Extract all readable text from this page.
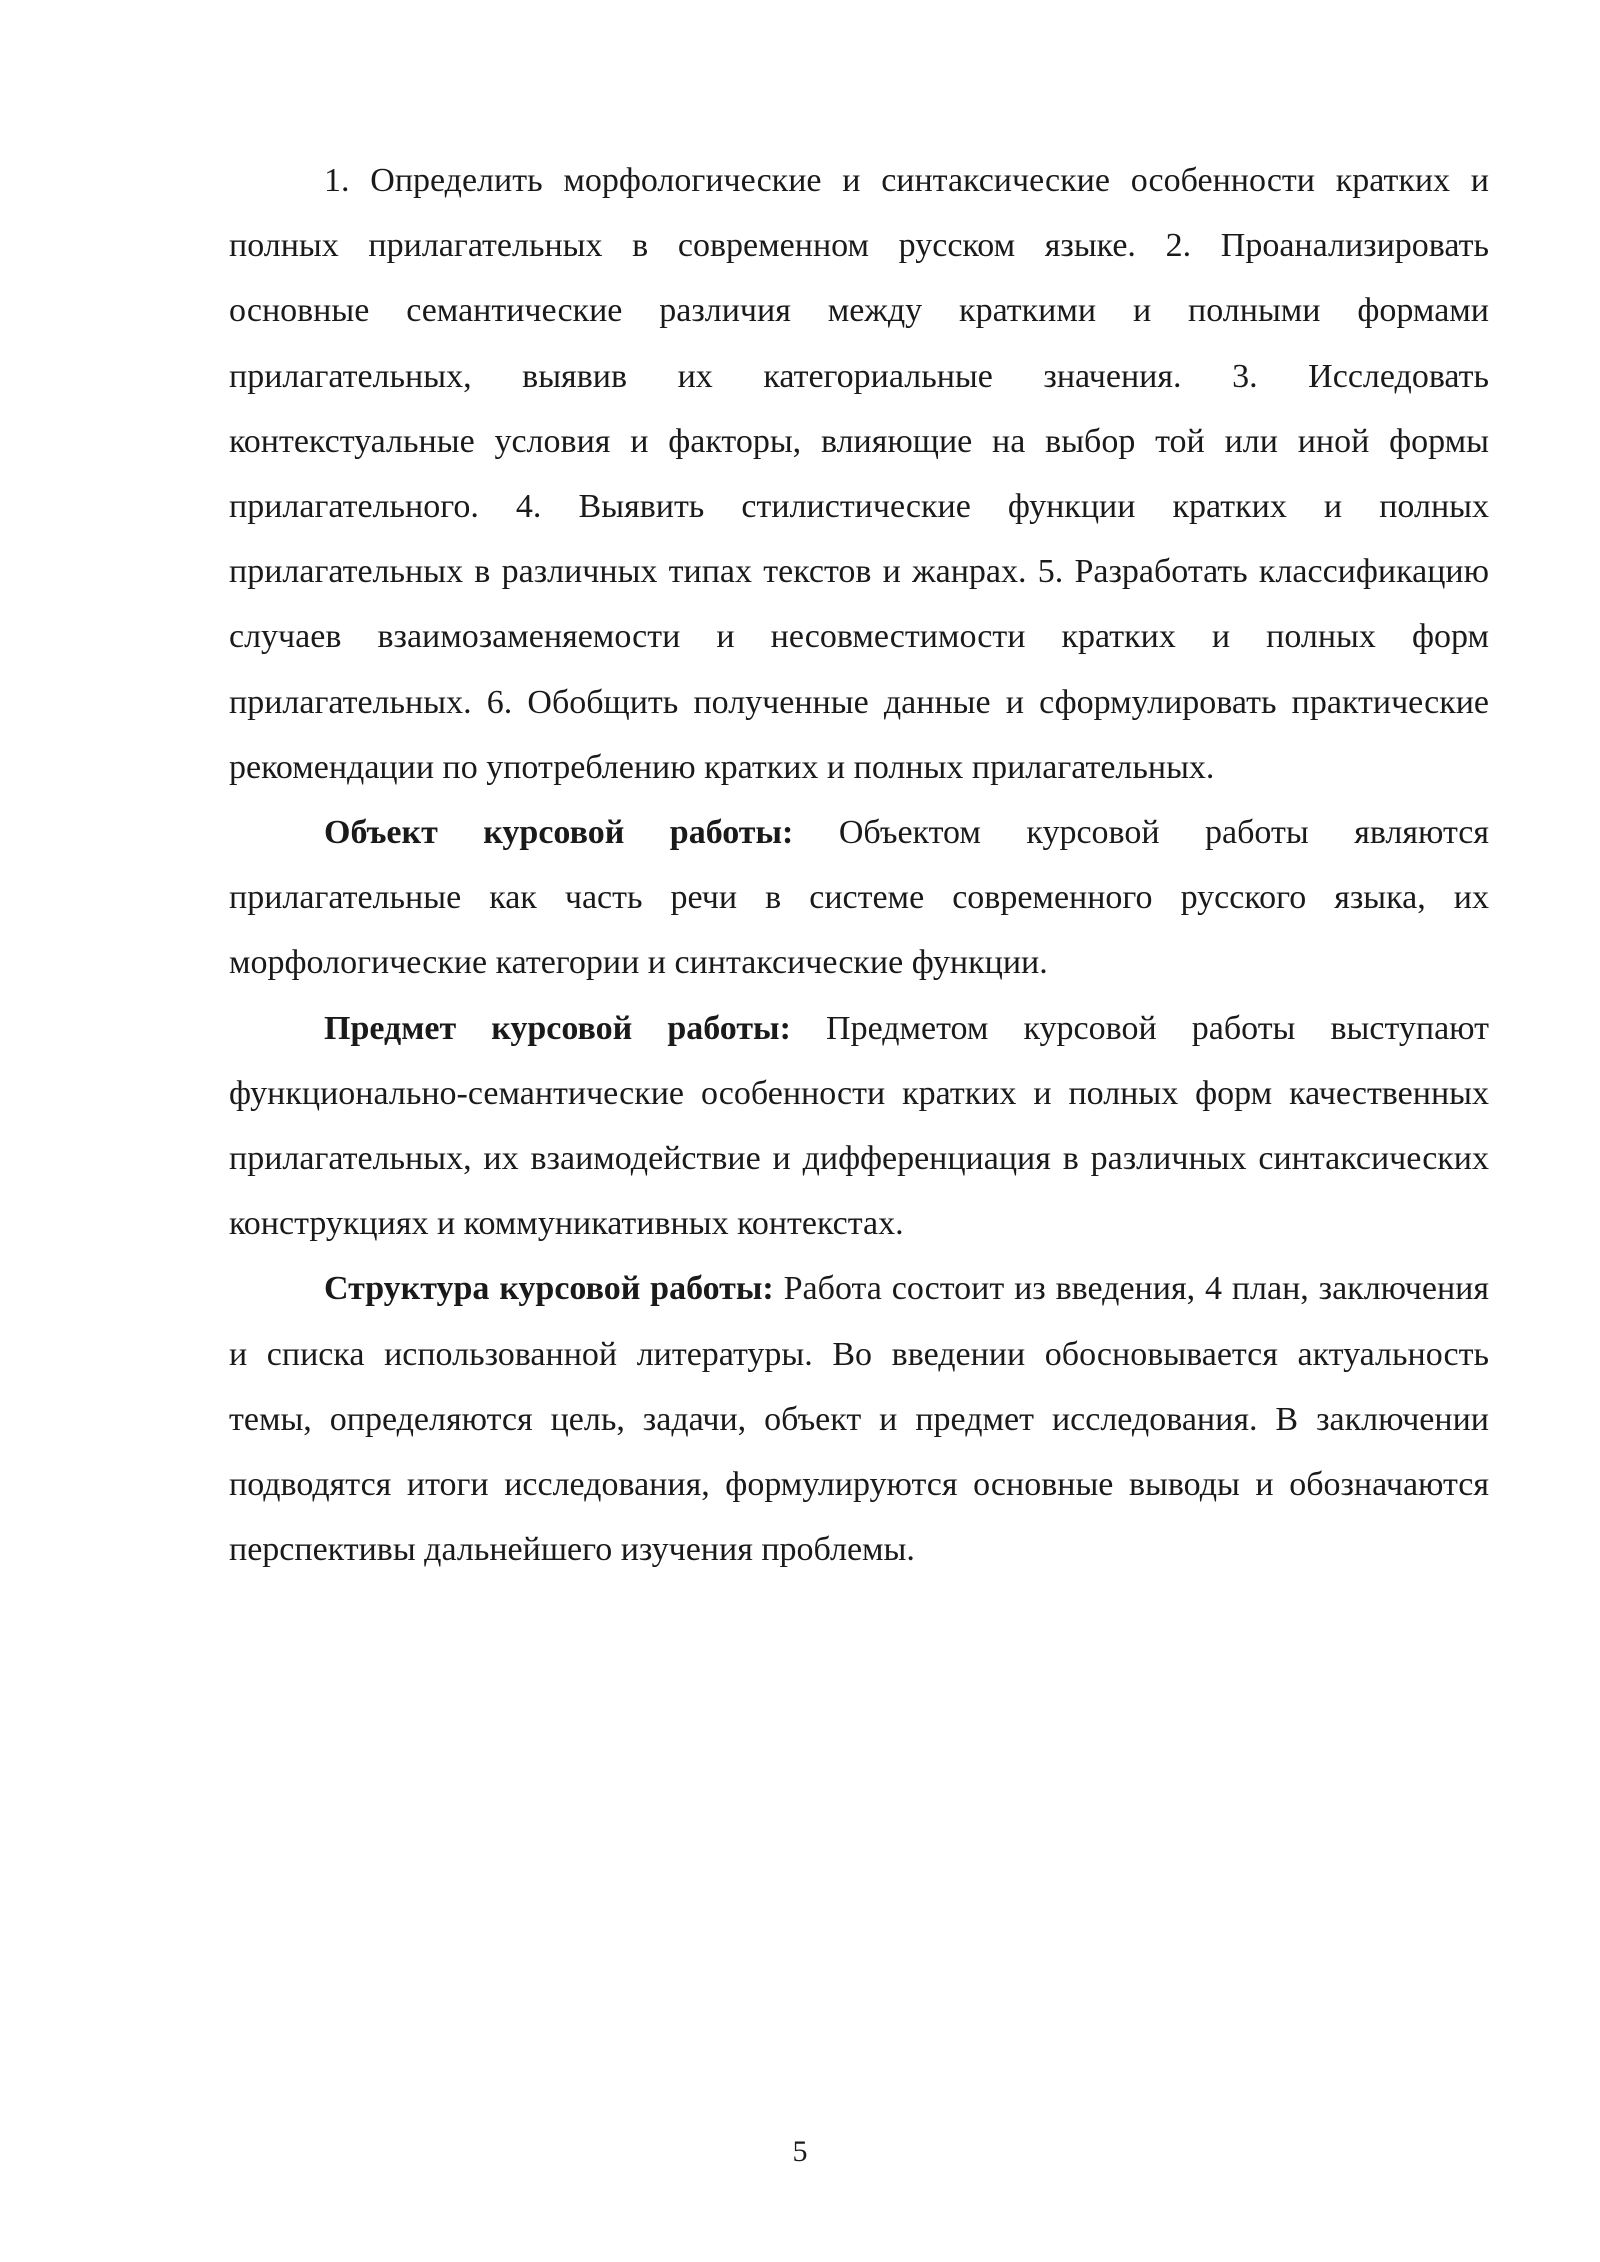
1. Определить морфологические и синтаксические особенности кратких и полных прилагательных в современном русском языке. 2. Проанализировать основные семантические различия между краткими и полными формами прилагательных, выявив их категориальные значения. 3. Исследовать контекстуальные условия и факторы, влияющие на выбор той или иной формы прилагательного. 4. Выявить стилистические функции кратких и полных прилагательных в различных типах текстов и жанрах. 5. Разработать классификацию случаев взаимозаменяемости и несовместимости кратких и полных форм прилагательных. 6. Обобщить полученные данные и сформулировать практические рекомендации по употреблению кратких и полных прилагательных.

Объект курсовой работы: Объектом курсовой работы являются прилагательные как часть речи в системе современного русского языка, их морфологические категории и синтаксические функции.

Предмет курсовой работы: Предметом курсовой работы выступают функционально-семантические особенности кратких и полных форм качественных прилагательных, их взаимодействие и дифференциация в различных синтаксических конструкциях и коммуникативных контекстах.

Структура курсовой работы: Работа состоит из введения, 4 план, заключения и списка использованной литературы. Во введении обосновывается актуальность темы, определяются цель, задачи, объект и предмет исследования. В заключении подводятся итоги исследования, формулируются основные выводы и обозначаются перспективы дальнейшего изучения проблемы.

5
